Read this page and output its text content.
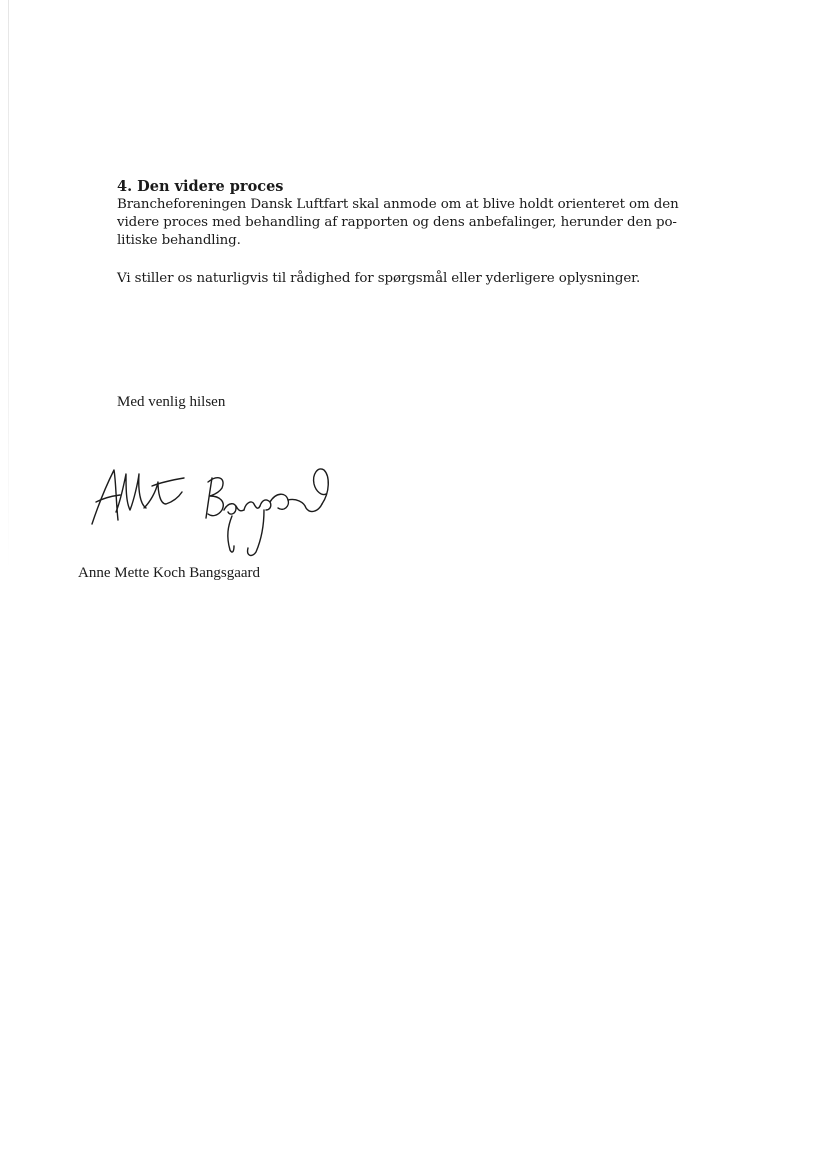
4. Den videre proces

Brancheforeningen Dansk Luftfart skal anmode om at blive holdt orienteret om den
videre proces med behandling af rapporten og dens anbefalinger, herunder den po-
litiske behandling.

Vi stiller os naturligvis til rådighed for spørgsmål eller yderligere oplysninger.

Med venlig hilsen

Anne Mette Koch Bangsgaard
